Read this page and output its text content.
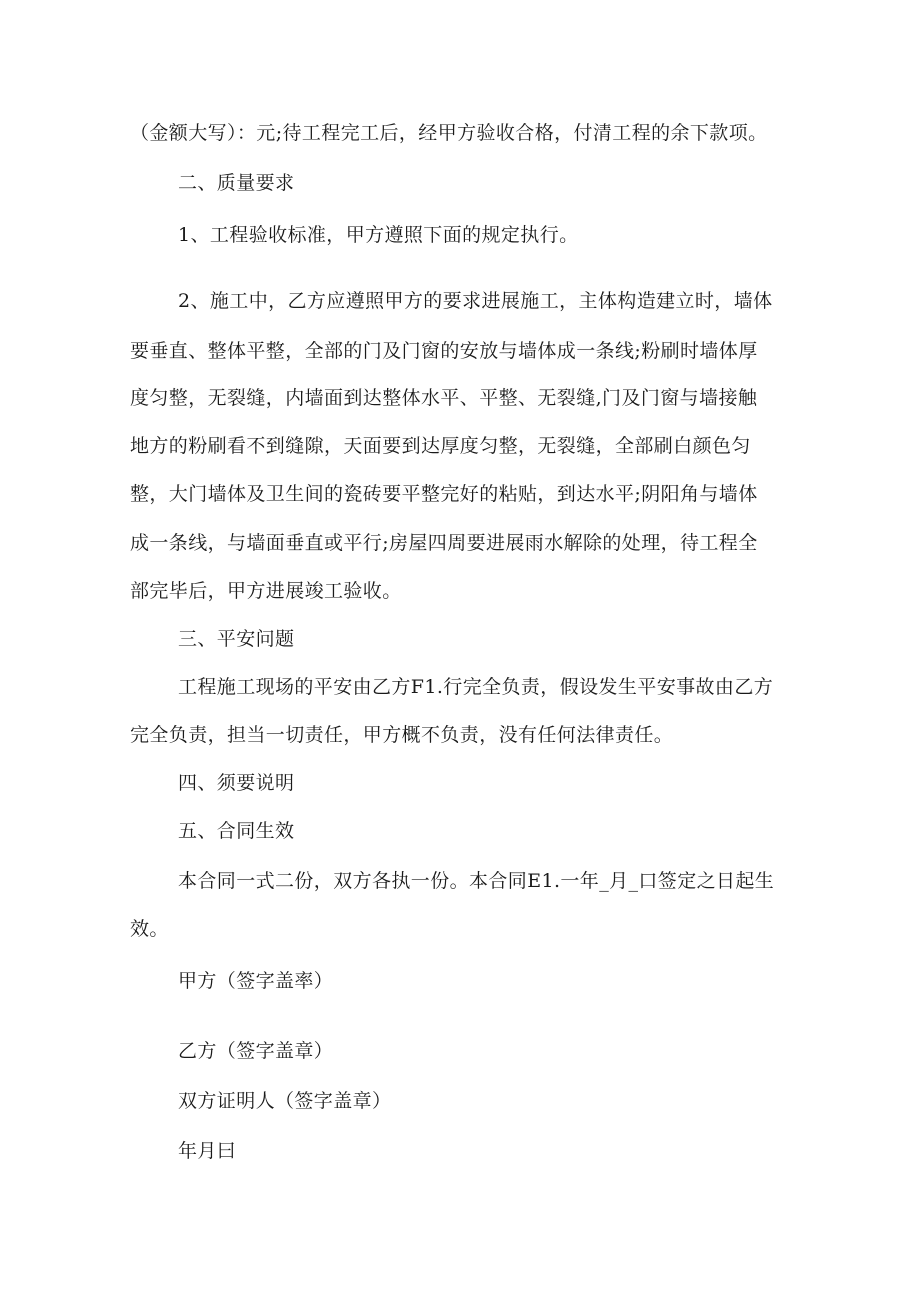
（金额大写）：元;待工程完工后，经甲方验收合格，付清工程的余下款项。
二、质量要求
1、工程验收标准，甲方遵照下面的规定执行。
2、施工中，乙方应遵照甲方的要求进展施工，主体构造建立时，墙体
要垂直、整体平整，全部的门及门窗的安放与墙体成一条线;粉刷时墙体厚
度匀整，无裂缝，内墙面到达整体水平、平整、无裂缝,门及门窗与墙接触
地方的粉刷看不到缝隙，天面要到达厚度匀整，无裂缝，全部刷白颜色匀
整，大门墙体及卫生间的瓷砖要平整完好的粘贴，到达水平;阴阳角与墙体
成一条线，与墙面垂直或平行;房屋四周要进展雨水解除的处理，待工程全
部完毕后，甲方进展竣工验收。
三、平安问题
工程施工现场的平安由乙方F1.行完全负责，假设发生平安事故由乙方
完全负责，担当一切责任，甲方概不负责，没有任何法律责任。
四、须要说明
五、合同生效
本合同一式二份，双方各执一份。本合同E1.一年_月_口签定之日起生
效。
甲方（签字盖率）
乙方（签字盖章）
双方证明人（签字盖章）
年月曰
